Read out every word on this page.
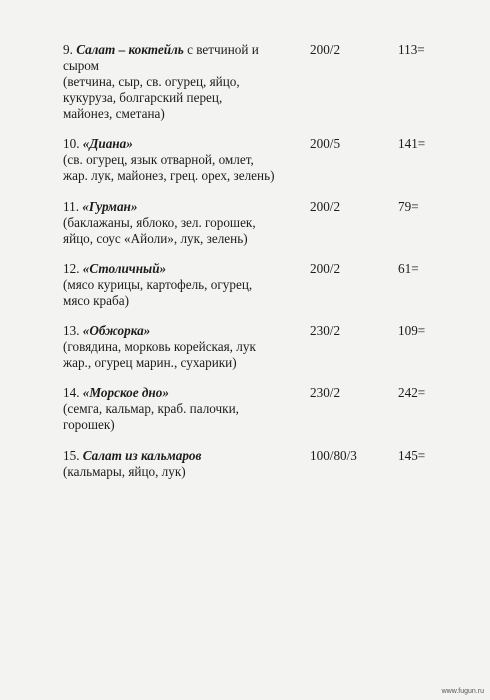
9. Салат – коктейль с ветчиной и
сыром
(ветчина, сыр, св. огурец, яйцо,
кукуруза, болгарский перец,
майонез, сметана)
200/2	113=
10. «Диана»
(св. огурец, язык отварной, омлет,
жар. лук, майонез, грец. орех, зелень)
200/5	141=
11. «Гурман»
(баклажаны, яблоко, зел. горошек,
яйцо, соус «Айоли», лук, зелень)
200/2	79=
12. «Столичный»
(мясо курицы, картофель, огурец,
мясо краба)
200/2	61=
13. «Обжорка»
(говядина, морковь корейская, лук
жар., огурец марин., сухарики)
230/2	109=
14. «Морское дно»
(семга, кальмар, краб. палочки,
горошек)
230/2	242=
15. Салат из кальмаров
(кальмары, яйцо, лук)
100/80/3	145=
www.fugun.ru
